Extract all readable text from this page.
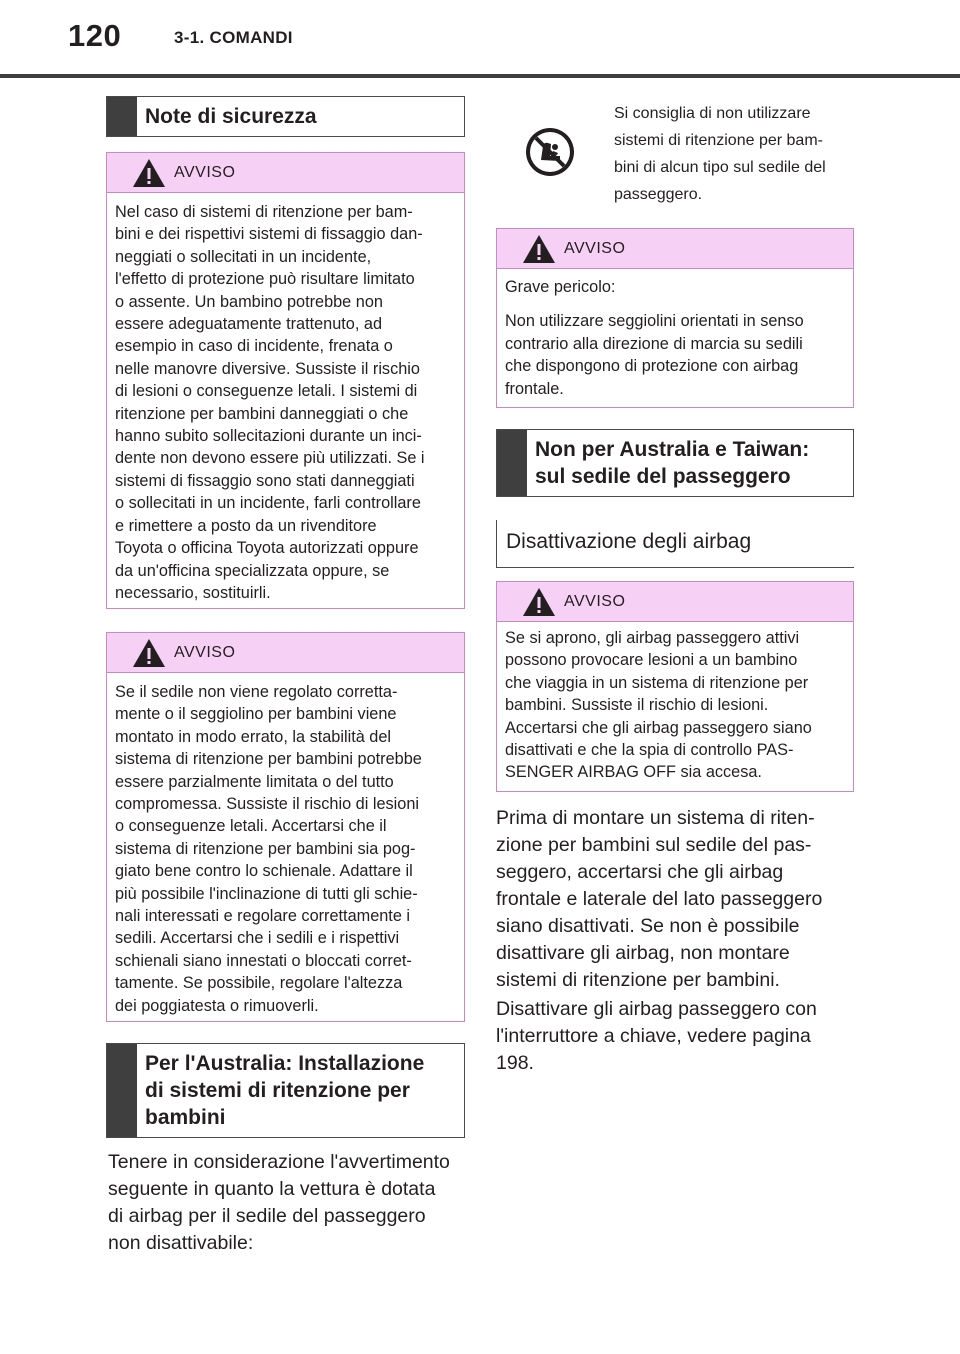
120	3-1. COMANDI
Note di sicurezza
AVVISO
Nel caso di sistemi di ritenzione per bam-
bini e dei rispettivi sistemi di fissaggio dan-
neggiati o sollecitati in un incidente,
l'effetto di protezione può risultare limitato
o assente. Un bambino potrebbe non
essere adeguatamente trattenuto, ad
esempio in caso di incidente, frenata o
nelle manovre diversive. Sussiste il rischio
di lesioni o conseguenze letali. I sistemi di
ritenzione per bambini danneggiati o che
hanno subito sollecitazioni durante un inci-
dente non devono essere più utilizzati. Se i
sistemi di fissaggio sono stati danneggiati
o sollecitati in un incidente, farli controllare
e rimettere a posto da un rivenditore
Toyota o officina Toyota autorizzati oppure
da un'officina specializzata oppure, se
necessario, sostituirli.
AVVISO
Se il sedile non viene regolato corretta-
mente o il seggiolino per bambini viene
montato in modo errato, la stabilità del
sistema di ritenzione per bambini potrebbe
essere parzialmente limitata o del tutto
compromessa. Sussiste il rischio di lesioni
o conseguenze letali. Accertarsi che il
sistema di ritenzione per bambini sia pog-
giato bene contro lo schienale. Adattare il
più possibile l'inclinazione di tutti gli schie-
nali interessati e regolare correttamente i
sedili. Accertarsi che i sedili e i rispettivi
schienali siano innestati o bloccati corret-
tamente. Se possibile, regolare l'altezza
dei poggiatesta o rimuoverli.
Per l'Australia: Installazione
di sistemi di ritenzione per
bambini
Tenere in considerazione l'avvertimento
seguente in quanto la vettura è dotata
di airbag per il sedile del passeggero
non disattivabile:
Si consiglia di non utilizzare
sistemi di ritenzione per bam-
bini di alcun tipo sul sedile del
passeggero.
AVVISO
Grave pericolo:
Non utilizzare seggiolini orientati in senso
contrario alla direzione di marcia su sedili
che dispongono di protezione con airbag
frontale.
Non per Australia e Taiwan:
sul sedile del passeggero
Disattivazione degli airbag
AVVISO
Se si aprono, gli airbag passeggero attivi
possono provocare lesioni a un bambino
che viaggia in un sistema di ritenzione per
bambini. Sussiste il rischio di lesioni.
Accertarsi che gli airbag passeggero siano
disattivati e che la spia di controllo PAS-
SENGER AIRBAG OFF sia accesa.
Prima di montare un sistema di riten-
zione per bambini sul sedile del pas-
seggero, accertarsi che gli airbag
frontale e laterale del lato passeggero
siano disattivati. Se non è possibile
disattivare gli airbag, non montare
sistemi di ritenzione per bambini.
Disattivare gli airbag passeggero con
l'interruttore a chiave, vedere pagina
198.
